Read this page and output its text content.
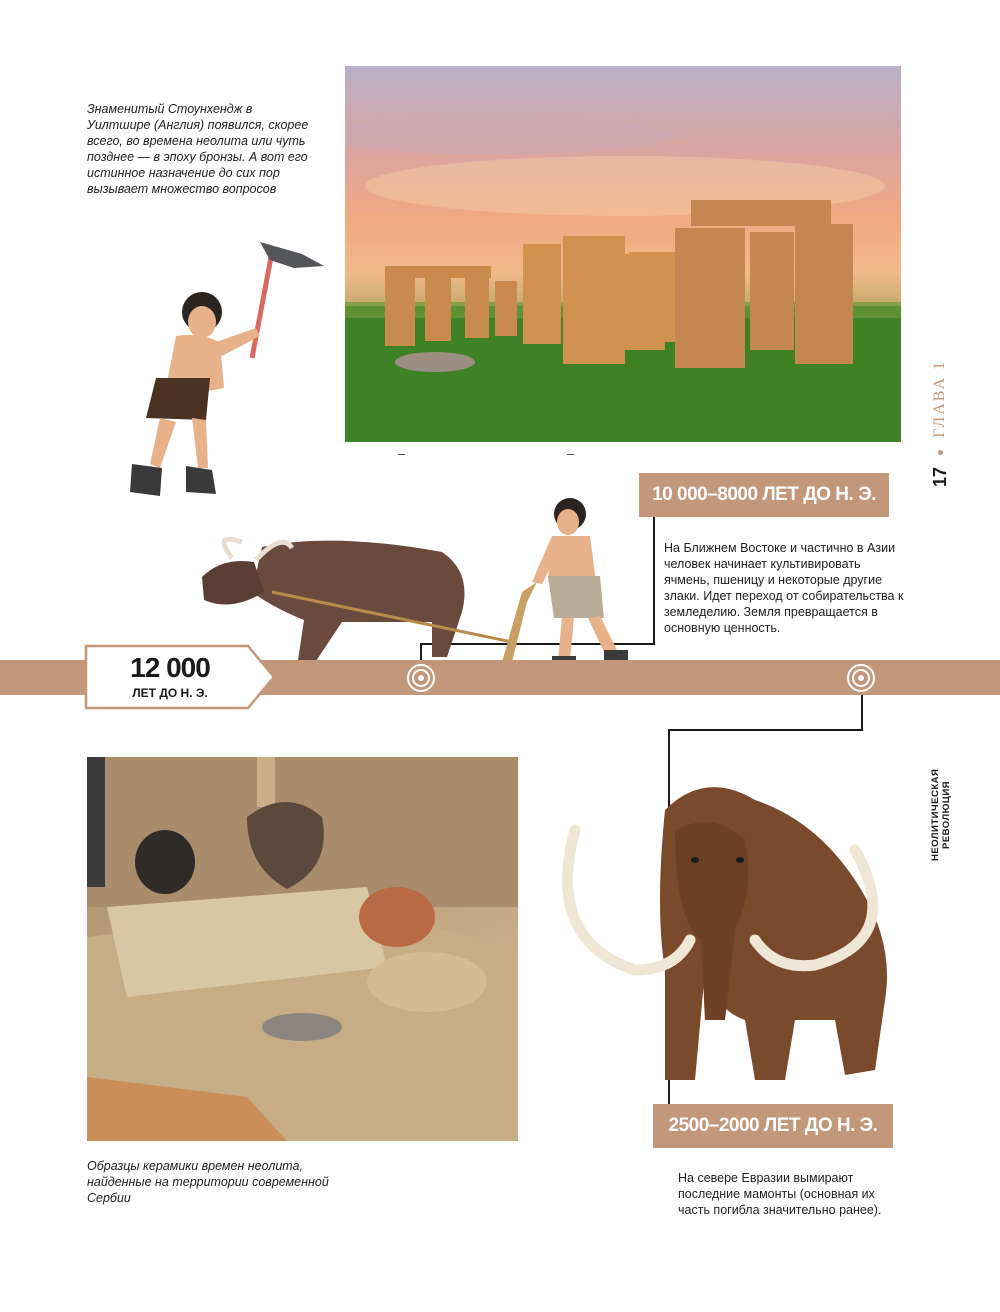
Знаменитый Стоунхендж в Уилтшире (Англия) появился, скорее всего, во времена неолита или чуть позднее — в эпоху бронзы. А вот его истинное назначение до сих пор вызывает множество вопросов
10 000–8000 ЛЕТ ДО Н. Э.
На Ближнем Востоке и частично в Азии человек начинает культивировать ячмень, пшеницу и некоторые другие злаки. Идет переход от собирательства к земледелию. Земля превращается в основную ценность.
12 000
ЛЕТ ДО Н. Э.
Образцы керамики времен неолита, найденные на территории современной Сербии
2500–2000 ЛЕТ ДО Н. Э.
На севере Евразии вымирают последние мамонты (основная их часть погибла значительно ранее).
ГЛАВА 1
17
НЕОЛИТИЧЕСКАЯ РЕВОЛЮЦИЯ
